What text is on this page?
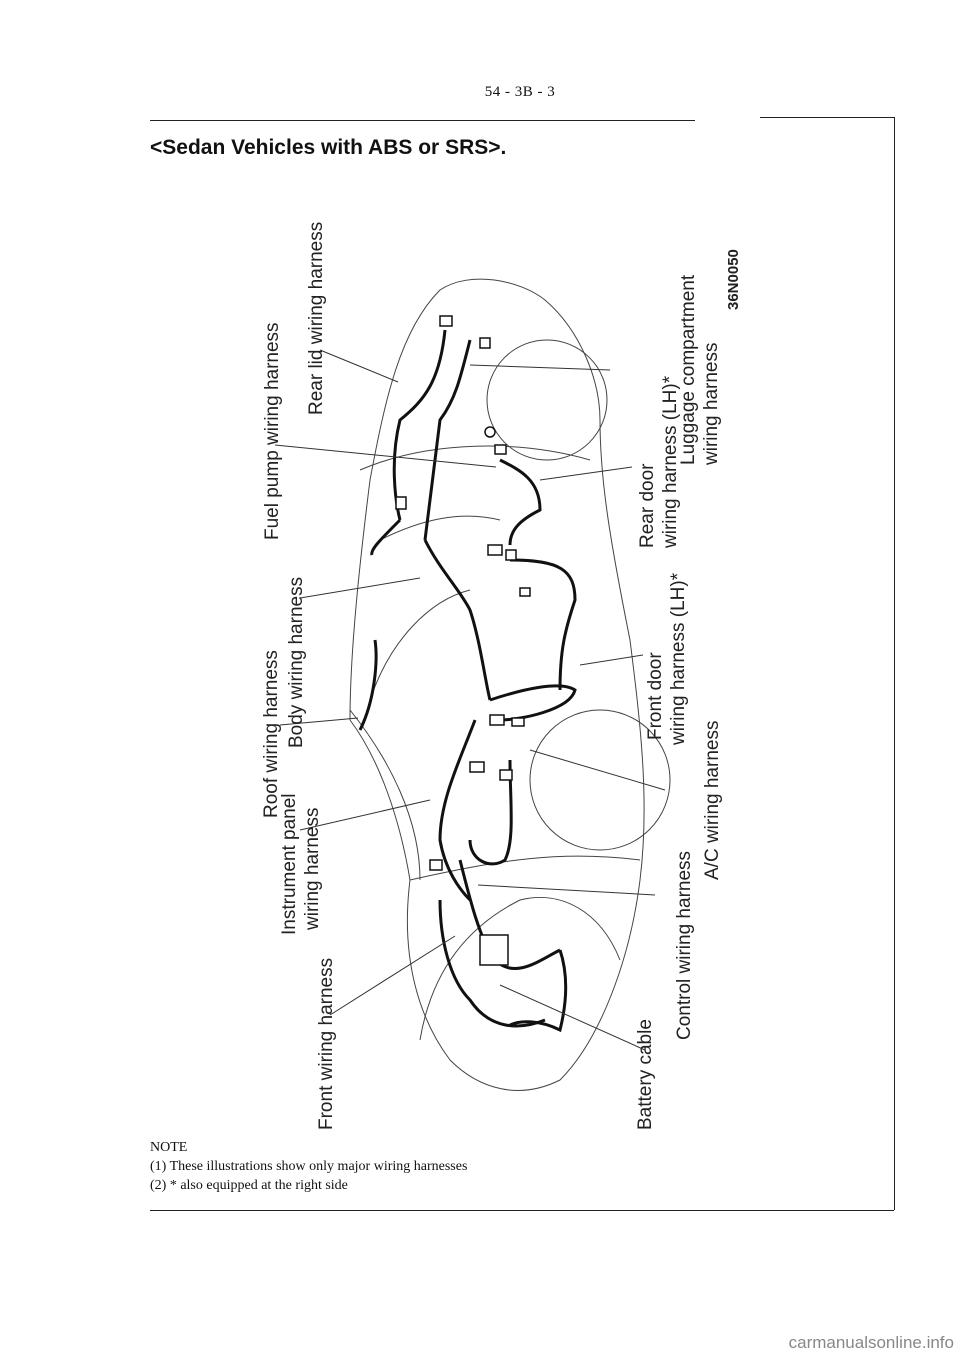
54 - 3B - 3
<Sedan Vehicles with ABS or SRS>.
Fuel pump wiring harness
Rear lid wiring harness
Body wiring harness
Roof wiring harness
Instrument panel wiring harness
Front wiring harness
Luggage compartment wiring harness
36N0050
Rear door wiring harness (LH)*
Front door wiring harness (LH)*
A/C wiring harness
Control wiring harness
Battery cable
NOTE
(1) These illustrations show only major wiring harnesses
(2) * also equipped at the right side
carmanualsonline.info
